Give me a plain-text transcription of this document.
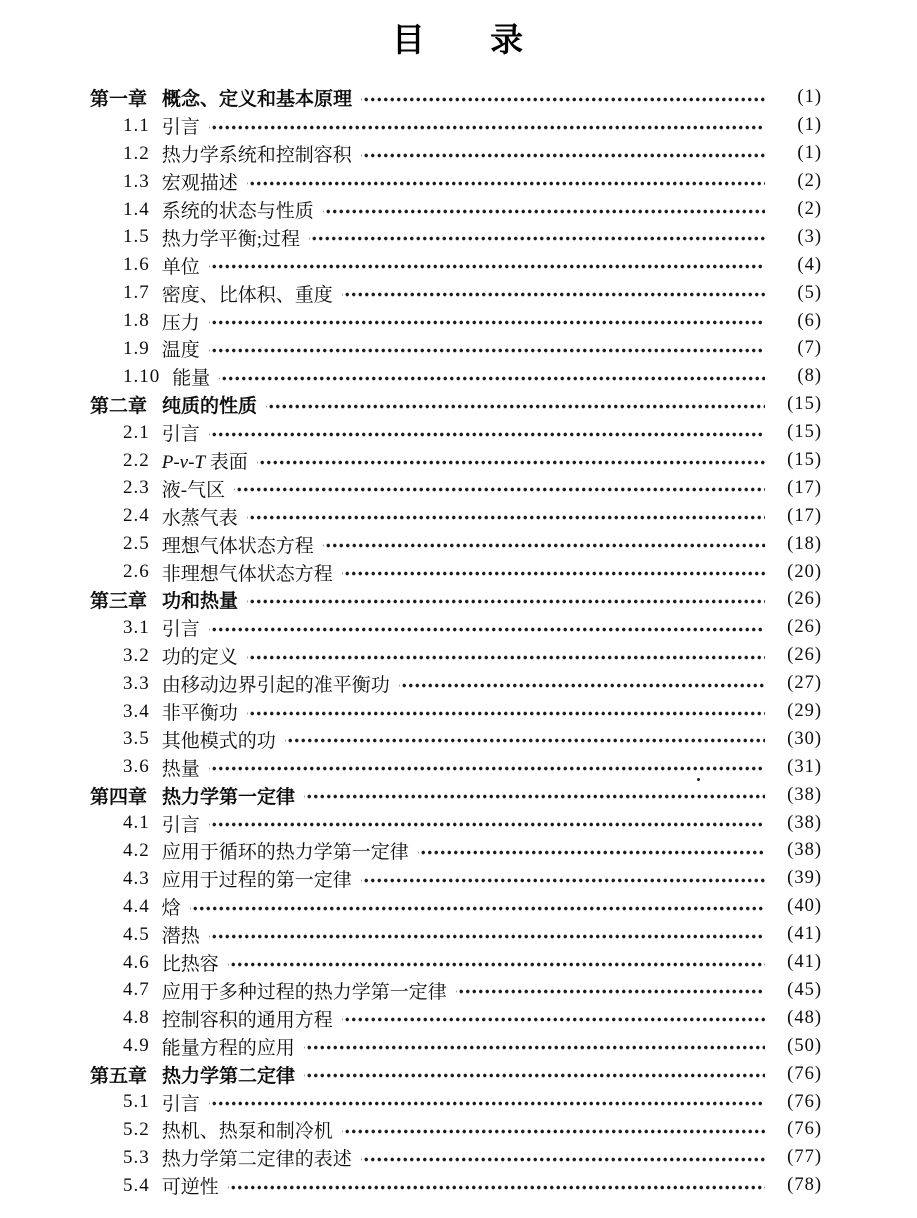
目 录
第一章 概念、定义和基本原理	(1)
1.1 引言	(1)
1.2 热力学系统和控制容积	(1)
1.3 宏观描述	(2)
1.4 系统的状态与性质	(2)
1.5 热力学平衡;过程	(3)
1.6 单位	(4)
1.7 密度、比体积、重度	(5)
1.8 压力	(6)
1.9 温度	(7)
1.10 能量	(8)
第二章 纯质的性质	(15)
2.1 引言	(15)
2.2 P-v-T 表面	(15)
2.3 液-气区	(17)
2.4 水蒸气表	(17)
2.5 理想气体状态方程	(18)
2.6 非理想气体状态方程	(20)
第三章 功和热量	(26)
3.1 引言	(26)
3.2 功的定义	(26)
3.3 由移动边界引起的准平衡功	(27)
3.4 非平衡功	(29)
3.5 其他模式的功	(30)
3.6 热量	(31)
第四章 热力学第一定律	(38)
4.1 引言	(38)
4.2 应用于循环的热力学第一定律	(38)
4.3 应用于过程的第一定律	(39)
4.4 焓	(40)
4.5 潜热	(41)
4.6 比热容	(41)
4.7 应用于多种过程的热力学第一定律	(45)
4.8 控制容积的通用方程	(48)
4.9 能量方程的应用	(50)
第五章 热力学第二定律	(76)
5.1 引言	(76)
5.2 热机、热泵和制冷机	(76)
5.3 热力学第二定律的表述	(77)
5.4 可逆性	(78)
